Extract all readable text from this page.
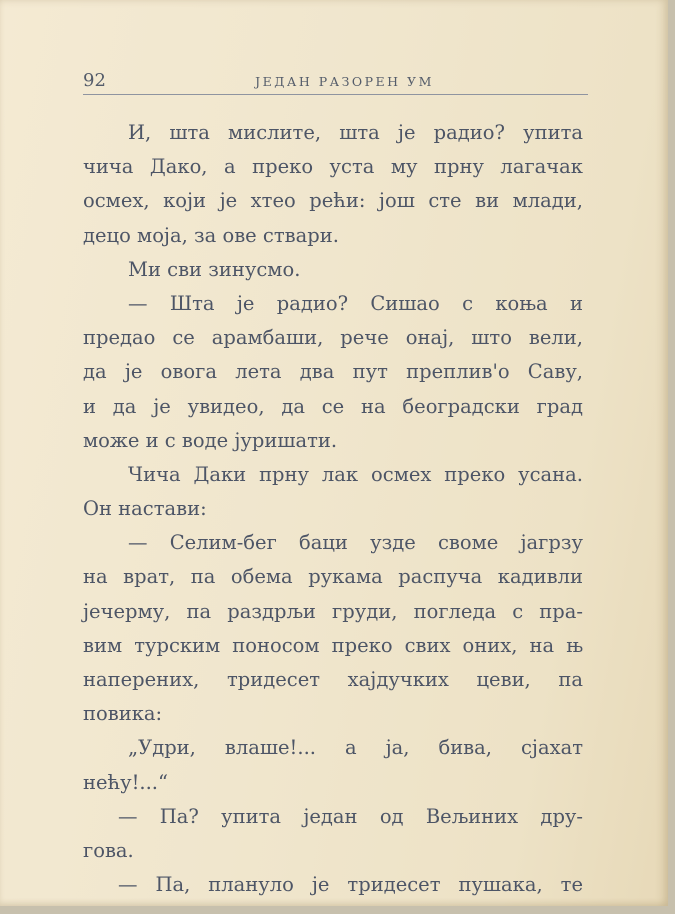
92	ЈЕДАН РАЗОРЕН УМ
И, шта мислите, шта је радио? упита
чича Дако, а преко уста му прну лагачак
осмех, који је хтео рећи: још сте ви млади,
децо моја, за ове ствари.
Ми сви зинусмо.
— Шта је радио? Сишао с коња и
предао се арамбаши, рече онај, што вели,
да је овога лета два пут преплив'о Саву,
и да је увидео, да се на београдски град
може и с воде јуришати.
Чича Даки прну лак осмех преко усана.
Он настави:
— Селим-бег баци узде своме јагрзу
на врат, па обема рукама распуча кадивли
јечерму, па раздрљи груди, погледа с пра-
вим турским поносом преко свих оних, на њ
наперених, тридесет хајдучких цеви, па
повика:
„Удри, влаше!... а ја, бива, сјахат
нећу!...“
— Па? упита један од Вељиних дру-
гова.
— Па, плануло је тридесет пушака, те
